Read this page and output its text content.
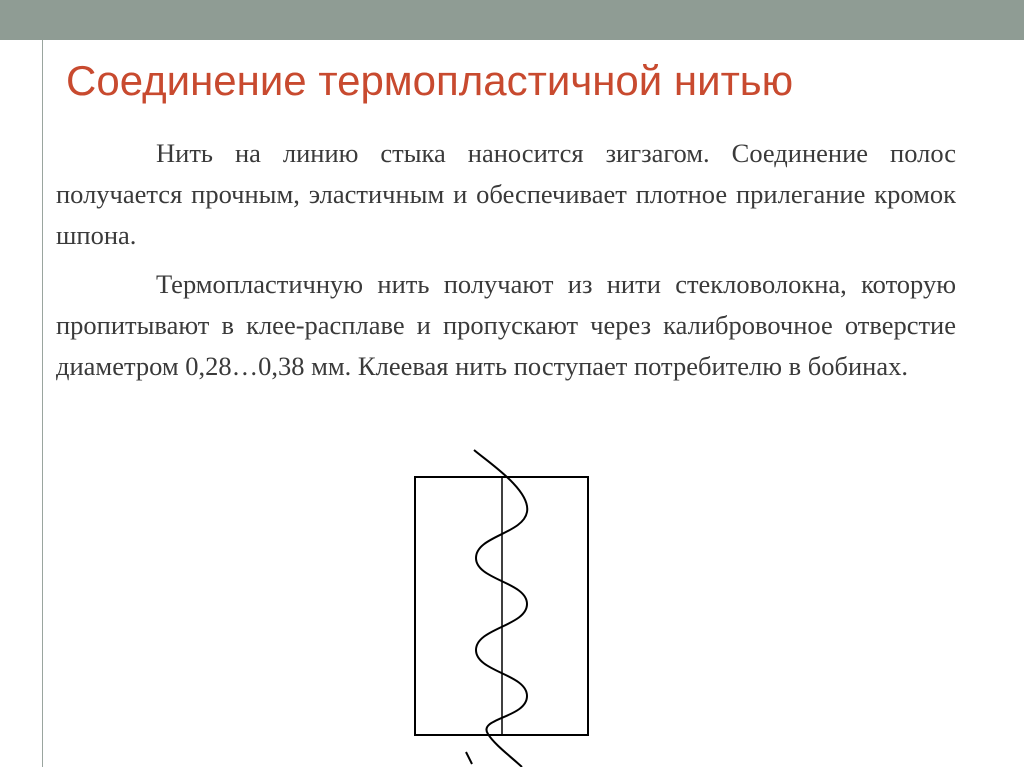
Соединение термопластичной нитью

Нить на линию стыка наносится зигзагом. Соединение полос получается прочным, эластичным и обеспечивает плотное прилегание кромок шпона.

Термопластичную нить получают из нити стекловолокна, которую пропитывают в клее-расплаве и пропускают через калибровочное отверстие диаметром 0,28…0,38 мм. Клеевая нить поступает потребителю в бобинах.
